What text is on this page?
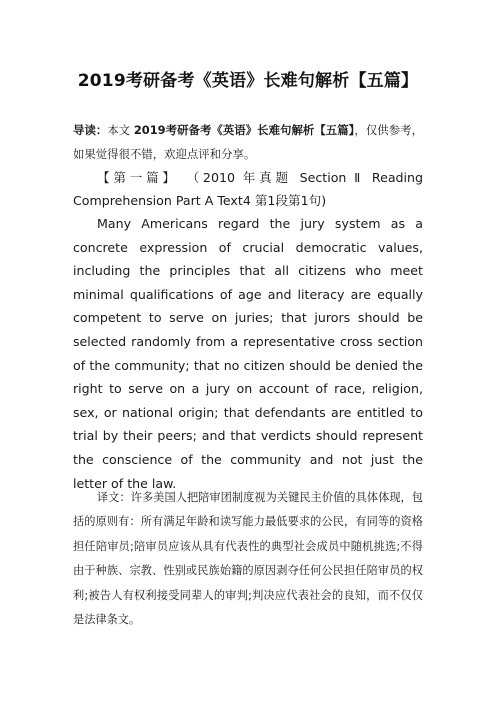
2019考研备考《英语》长难句解析【五篇】
导读：本文 2019考研备考《英语》长难句解析【五篇】，仅供参考，如果觉得很不错，欢迎点评和分享。
【第一篇】 （2010 年真题 Section Ⅱ Reading Comprehension Part A Text4 第1段第1句)
Many Americans regard the jury system as a concrete expression of crucial democratic values, including the principles that all citizens who meet minimal qualifications of age and literacy are equally competent to serve on juries; that jurors should be selected randomly from a representative cross section of the community; that no citizen should be denied the right to serve on a jury on account of race, religion, sex, or national origin; that defendants are entitled to trial by their peers; and that verdicts should represent the conscience of the community and not just the letter of the law.
译文：许多美国人把陪审团制度视为关键民主价值的具体体现，包括的原则有：所有满足年龄和读写能力最低要求的公民，有同等的资格担任陪审员;陪审员应该从具有代表性的典型社会成员中随机挑选;不得由于种族、宗教、性别或民族始籍的原因剥夺任何公民担任陪审员的权利;被告人有权利接受同辈人的审判;判决应代表社会的良知，而不仅仅是法律条文。
